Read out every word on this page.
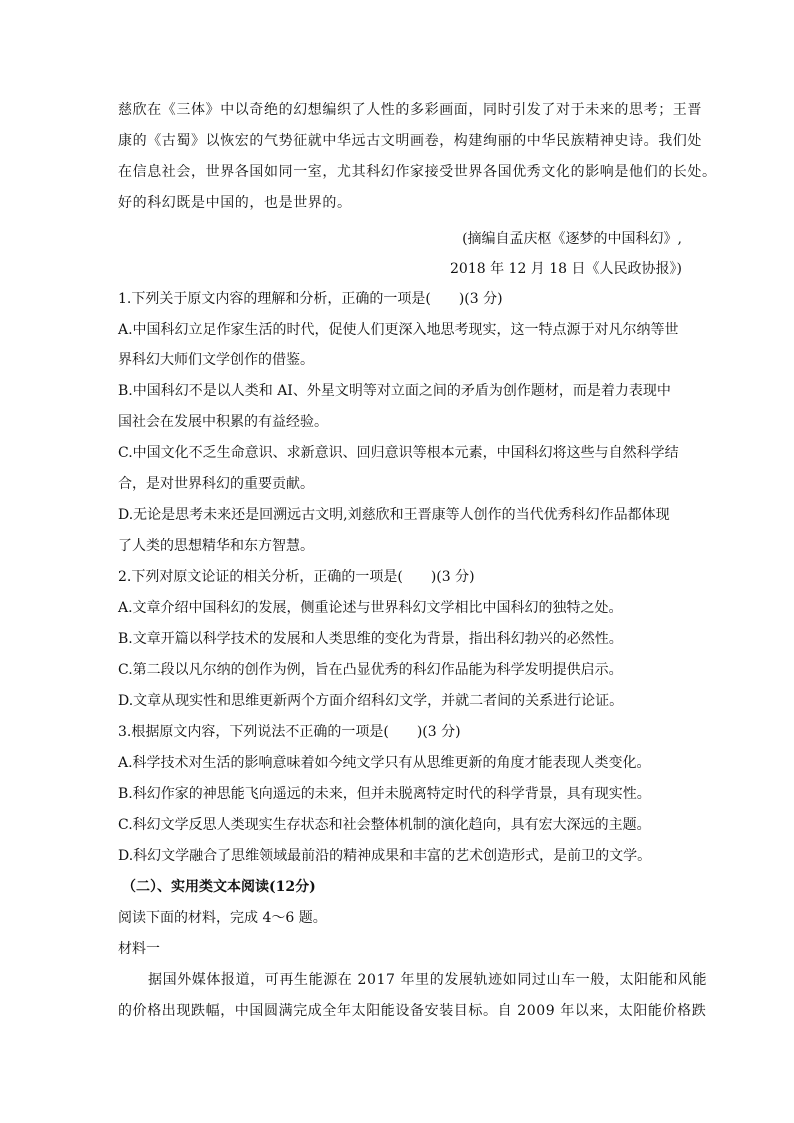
慈欣在《三体》中以奇绝的幻想编织了人性的多彩画面，同时引发了对于未来的思考；王晋
康的《古蜀》以恢宏的气势征就中华远古文明画卷，构建绚丽的中华民族精神史诗。我们处
在信息社会，世界各国如同一室，尤其科幻作家接受世界各国优秀文化的影响是他们的长处。
好的科幻既是中国的，也是世界的。
(摘编自孟庆枢《逐梦的中国科幻》,
2018 年 12 月 18 日《人民政协报》)
1.下列关于原文内容的理解和分析，正确的一项是(　　)(3 分)
A.中国科幻立足作家生活的时代，促使人们更深入地思考现实，这一特点源于对凡尔纳等世
界科幻大师们文学创作的借鉴。
B.中国科幻不是以人类和 AI、外星文明等对立面之间的矛盾为创作题材，而是着力表现中
国社会在发展中积累的有益经验。
C.中国文化不乏生命意识、求新意识、回归意识等根本元素，中国科幻将这些与自然科学结
合，是对世界科幻的重要贡献。
D.无论是思考未来还是回溯远古文明,刘慈欣和王晋康等人创作的当代优秀科幻作品都体现
了人类的思想精华和东方智慧。
2.下列对原文论证的相关分析，正确的一项是(　　)(3 分)
A.文章介绍中国科幻的发展，侧重论述与世界科幻文学相比中国科幻的独特之处。
B.文章开篇以科学技术的发展和人类思维的变化为背景，指出科幻勃兴的必然性。
C.第二段以凡尔纳的创作为例，旨在凸显优秀的科幻作品能为科学发明提供启示。
D.文章从现实性和思维更新两个方面介绍科幻文学，并就二者间的关系进行论证。
3.根据原文内容，下列说法不正确的一项是(　　)(3 分)
A.科学技术对生活的影响意味着如今纯文学只有从思维更新的角度才能表现人类变化。
B.科幻作家的神思能飞向遥远的未来，但并未脱离特定时代的科学背景，具有现实性。
C.科幻文学反思人类现实生存状态和社会整体机制的演化趋向，具有宏大深远的主题。
D.科幻文学融合了思维领域最前沿的精神成果和丰富的艺术创造形式，是前卫的文学。
（二）、实用类文本阅读(12分)
阅读下面的材料，完成 4～6 题。
材料一
据国外媒体报道，可再生能源在 2017 年里的发展轨迹如同过山车一般，太阳能和风能
的价格出现跌幅，中国圆满完成全年太阳能设备安装目标。自 2009 年以来，太阳能价格跌
